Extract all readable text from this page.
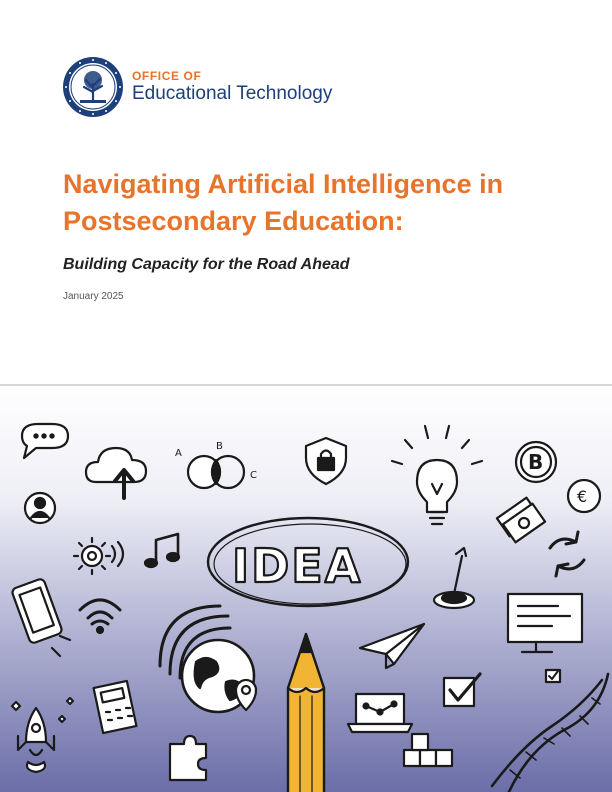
OFFICE OF
Educational Technology
Navigating Artificial Intelligence in Postsecondary Education:
Building Capacity for the Road Ahead
January 2025
A
B
C
B
€
IDEA
